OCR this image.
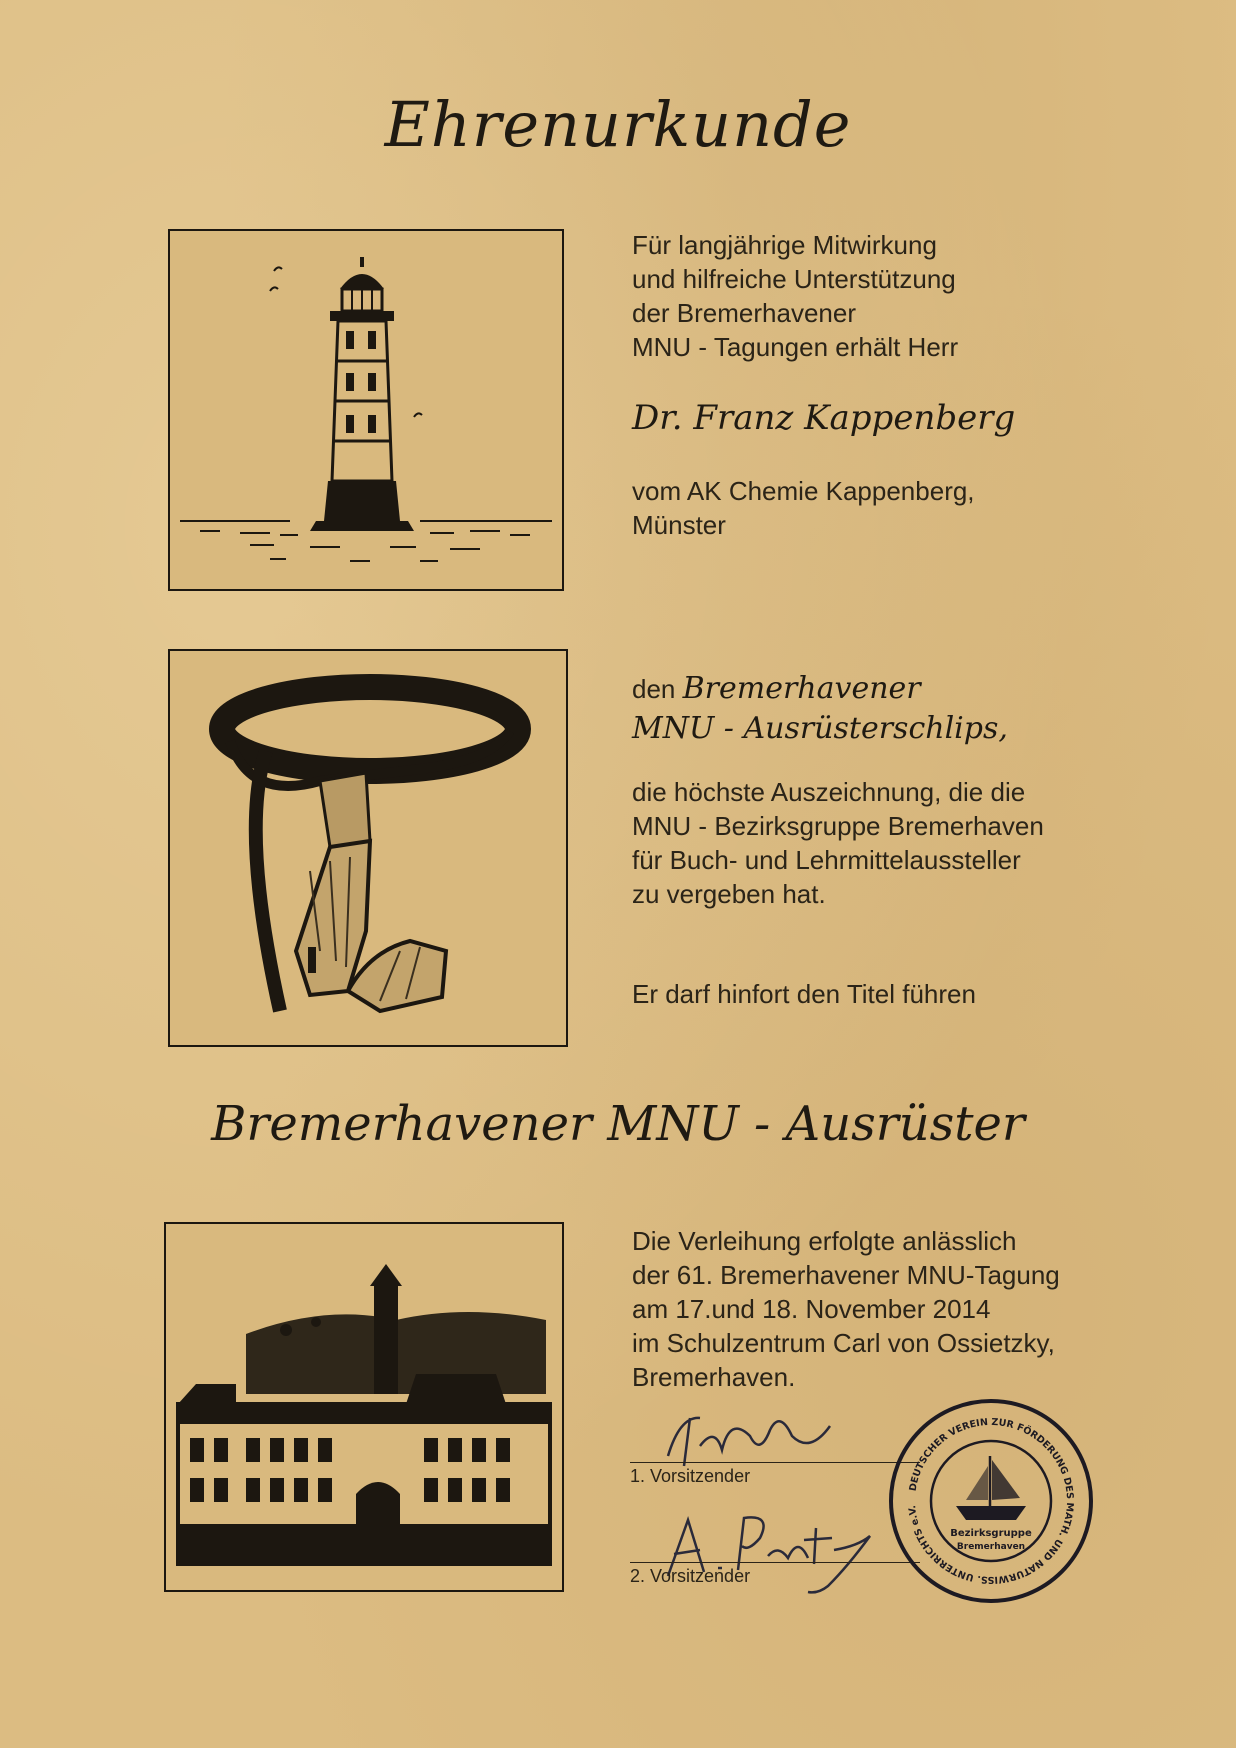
Ehrenurkunde
Für langjährige Mitwirkung
und hilfreiche Unterstützung
der Bremerhavener
MNU - Tagungen erhält Herr
Dr. Franz Kappenberg
vom AK Chemie Kappenberg,
Münster
den Bremerhavener
MNU - Ausrüsterschlips,
die höchste Auszeichnung, die die
MNU - Bezirksgruppe Bremerhaven
für Buch- und Lehrmittelaussteller
zu vergeben hat.
Er darf hinfort den Titel führen
Bremerhavener MNU - Ausrüster
Die Verleihung erfolgte anlässlich
der 61. Bremerhavener MNU-Tagung
am 17.und 18. November 2014
im Schulzentrum Carl von Ossietzky,
Bremerhaven.
1. Vorsitzender
2. Vorsitzender
DEUTSCHER VEREIN ZUR FÖRDERUNG DES MATH. UND NATURWISS. UNTERRICHTS e.V.
Bezirksgruppe
Bremerhaven
